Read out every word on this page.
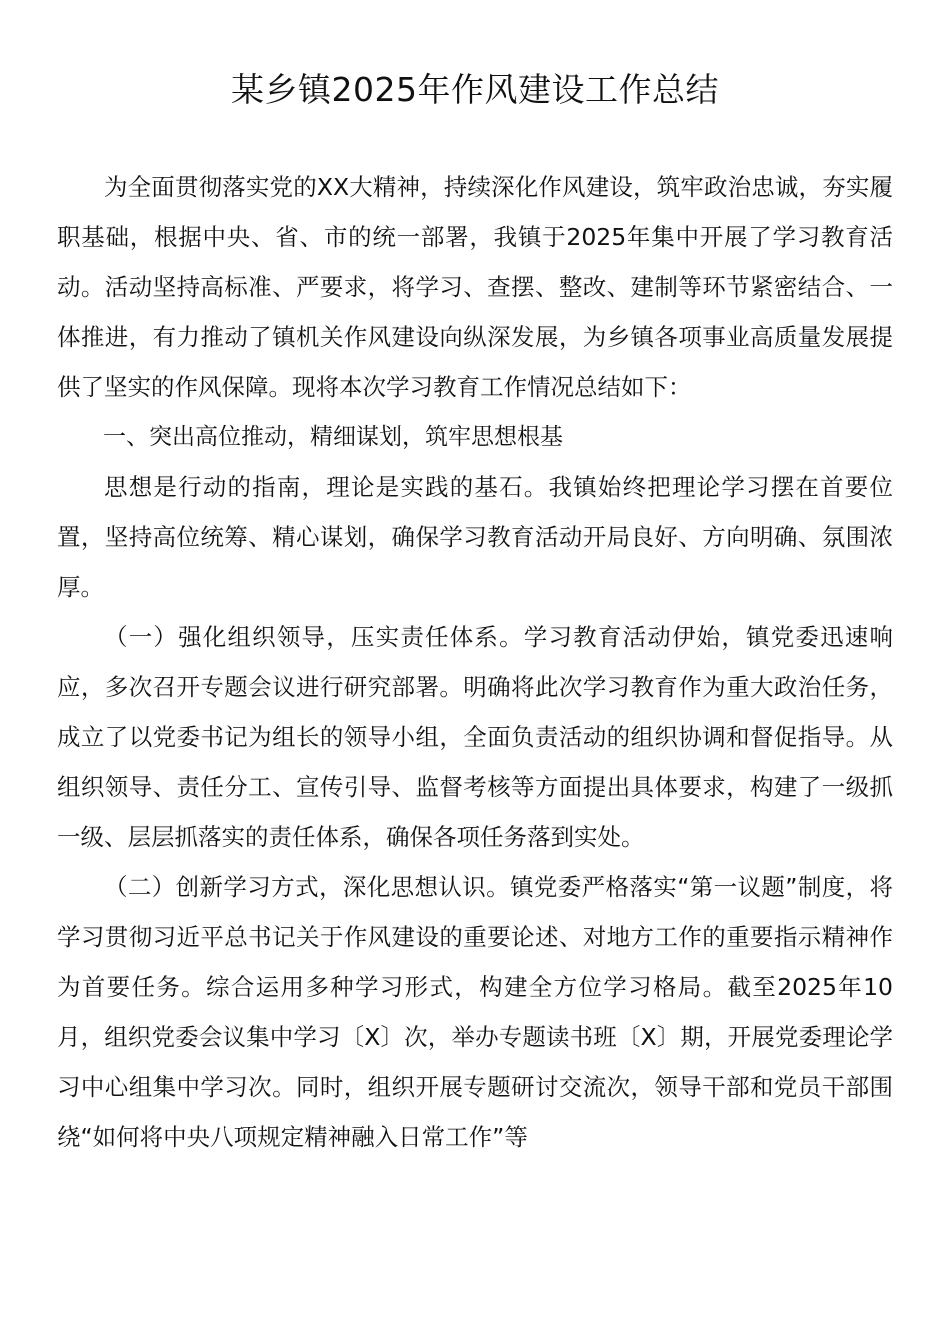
某乡镇2025年作风建设工作总结

为全面贯彻落实党的XX大精神，持续深化作风建设，筑牢政治忠诚，夯实履职基础，根据中央、省、市的统一部署，我镇于2025年集中开展了学习教育活动。活动坚持高标准、严要求，将学习、查摆、整改、建制等环节紧密结合、一体推进，有力推动了镇机关作风建设向纵深发展，为乡镇各项事业高质量发展提供了坚实的作风保障。现将本次学习教育工作情况总结如下：

一、突出高位推动，精细谋划，筑牢思想根基

思想是行动的指南，理论是实践的基石。我镇始终把理论学习摆在首要位置，坚持高位统筹、精心谋划，确保学习教育活动开局良好、方向明确、氛围浓厚。

（一）强化组织领导，压实责任体系。学习教育活动伊始，镇党委迅速响应，多次召开专题会议进行研究部署。明确将此次学习教育作为重大政治任务，成立了以党委书记为组长的领导小组，全面负责活动的组织协调和督促指导。从组织领导、责任分工、宣传引导、监督考核等方面提出具体要求，构建了一级抓一级、层层抓落实的责任体系，确保各项任务落到实处。

（二）创新学习方式，深化思想认识。镇党委严格落实“第一议题”制度，将学习贯彻习近平总书记关于作风建设的重要论述、对地方工作的重要指示精神作为首要任务。综合运用多种学习形式，构建全方位学习格局。截至2025年10月，组织党委会议集中学习〔X〕次，举办专题读书班〔X〕期，开展党委理论学习中心组集中学习次。同时，组织开展专题研讨交流次，领导干部和党员干部围绕“如何将中央八项规定精神融入日常工作”等
